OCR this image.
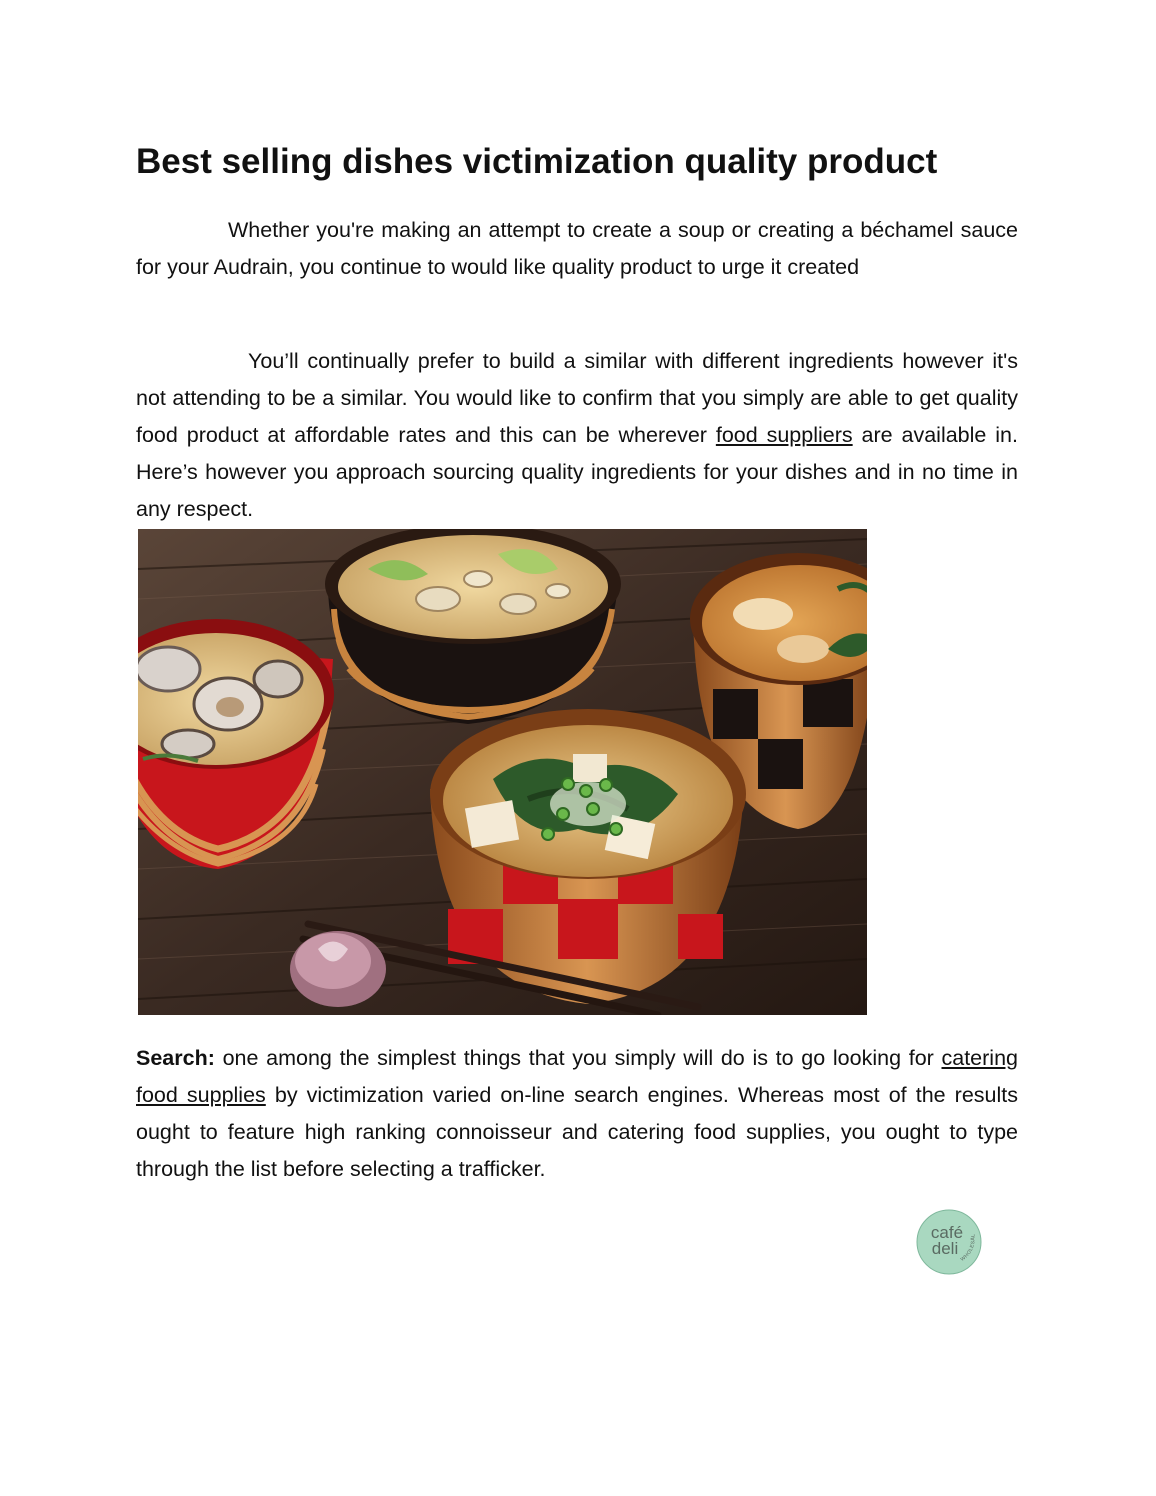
Best selling dishes victimization quality product

Whether you're making an attempt to create a soup or creating a béchamel sauce for your Audrain, you continue to would like quality product to urge it created

You’ll continually prefer to build a similar with different ingredients however it's not attending to be a similar. You would like to confirm that you simply are able to get quality food product at affordable rates and this can be wherever food suppliers are available in. Here’s however you approach sourcing quality ingredients for your dishes and in no time in any respect.

Search: one among the simplest things that you simply will do is to go looking for catering food supplies by victimization varied on-line search engines. Whereas most of the results ought to feature high ranking connoisseur and catering food supplies, you ought to type through the list before selecting a trafficker.

café
deli
WHOLESAL
